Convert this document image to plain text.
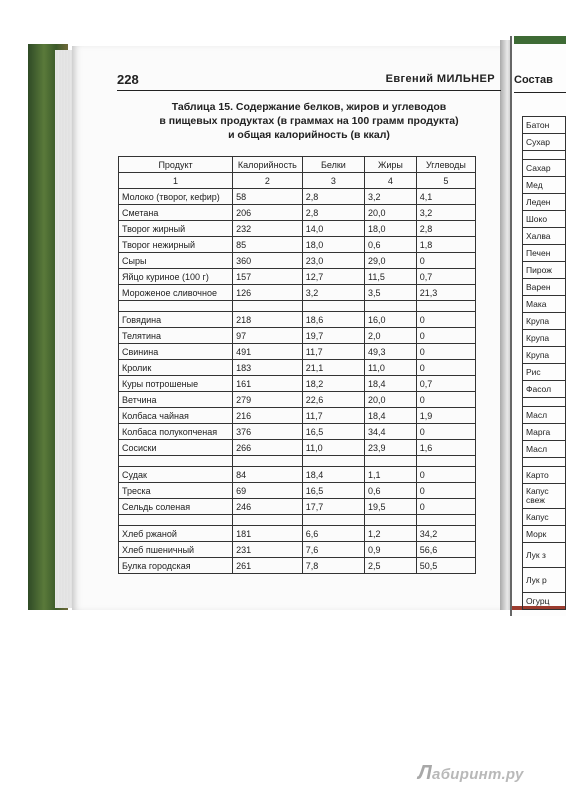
228	Евгений МИЛЬНЕР
Таблица 15. Содержание белков, жиров и углеводов
в пищевых продуктах (в граммах на 100 грамм продукта)
и общая калорийность (в ккал)
Продукт	Калорийность	Белки	Жиры	Углеводы
1	2	3	4	5
Молоко (творог, кефир)	58	2,8	3,2	4,1
Сметана	206	2,8	20,0	3,2
Творог жирный	232	14,0	18,0	2,8
Творог нежирный	85	18,0	0,6	1,8
Сыры	360	23,0	29,0	0
Яйцо куриное (100 г)	157	12,7	11,5	0,7
Мороженое сливочное	126	3,2	3,5	21,3

Говядина	218	18,6	16,0	0
Телятина	97	19,7	2,0	0
Свинина	491	11,7	49,3	0
Кролик	183	21,1	11,0	0
Куры потрошеные	161	18,2	18,4	0,7
Ветчина	279	22,6	20,0	0
Колбаса чайная	216	11,7	18,4	1,9
Колбаса полукопченая	376	16,5	34,4	0
Сосиски	266	11,0	23,9	1,6

Судак	84	18,4	1,1	0
Треска	69	16,5	0,6	0
Сельдь соленая	246	17,7	19,5	0

Хлеб ржаной	181	6,6	1,2	34,2
Хлеб пшеничный	231	7,6	0,9	56,6
Булка городская	261	7,8	2,5	50,5
Состав
Батон
Сухар

Сахар
Мед
Леден
Шоко
Халва
Печен
Пирож
Варен
Мака
Крупа
Крупа
Крупа
Рис
Фасол

Масл
Марга
Масл

Карто
Капус свеж
Капус
Морк
Лук з
Лук р
Огурц
Лабиринт.ру
